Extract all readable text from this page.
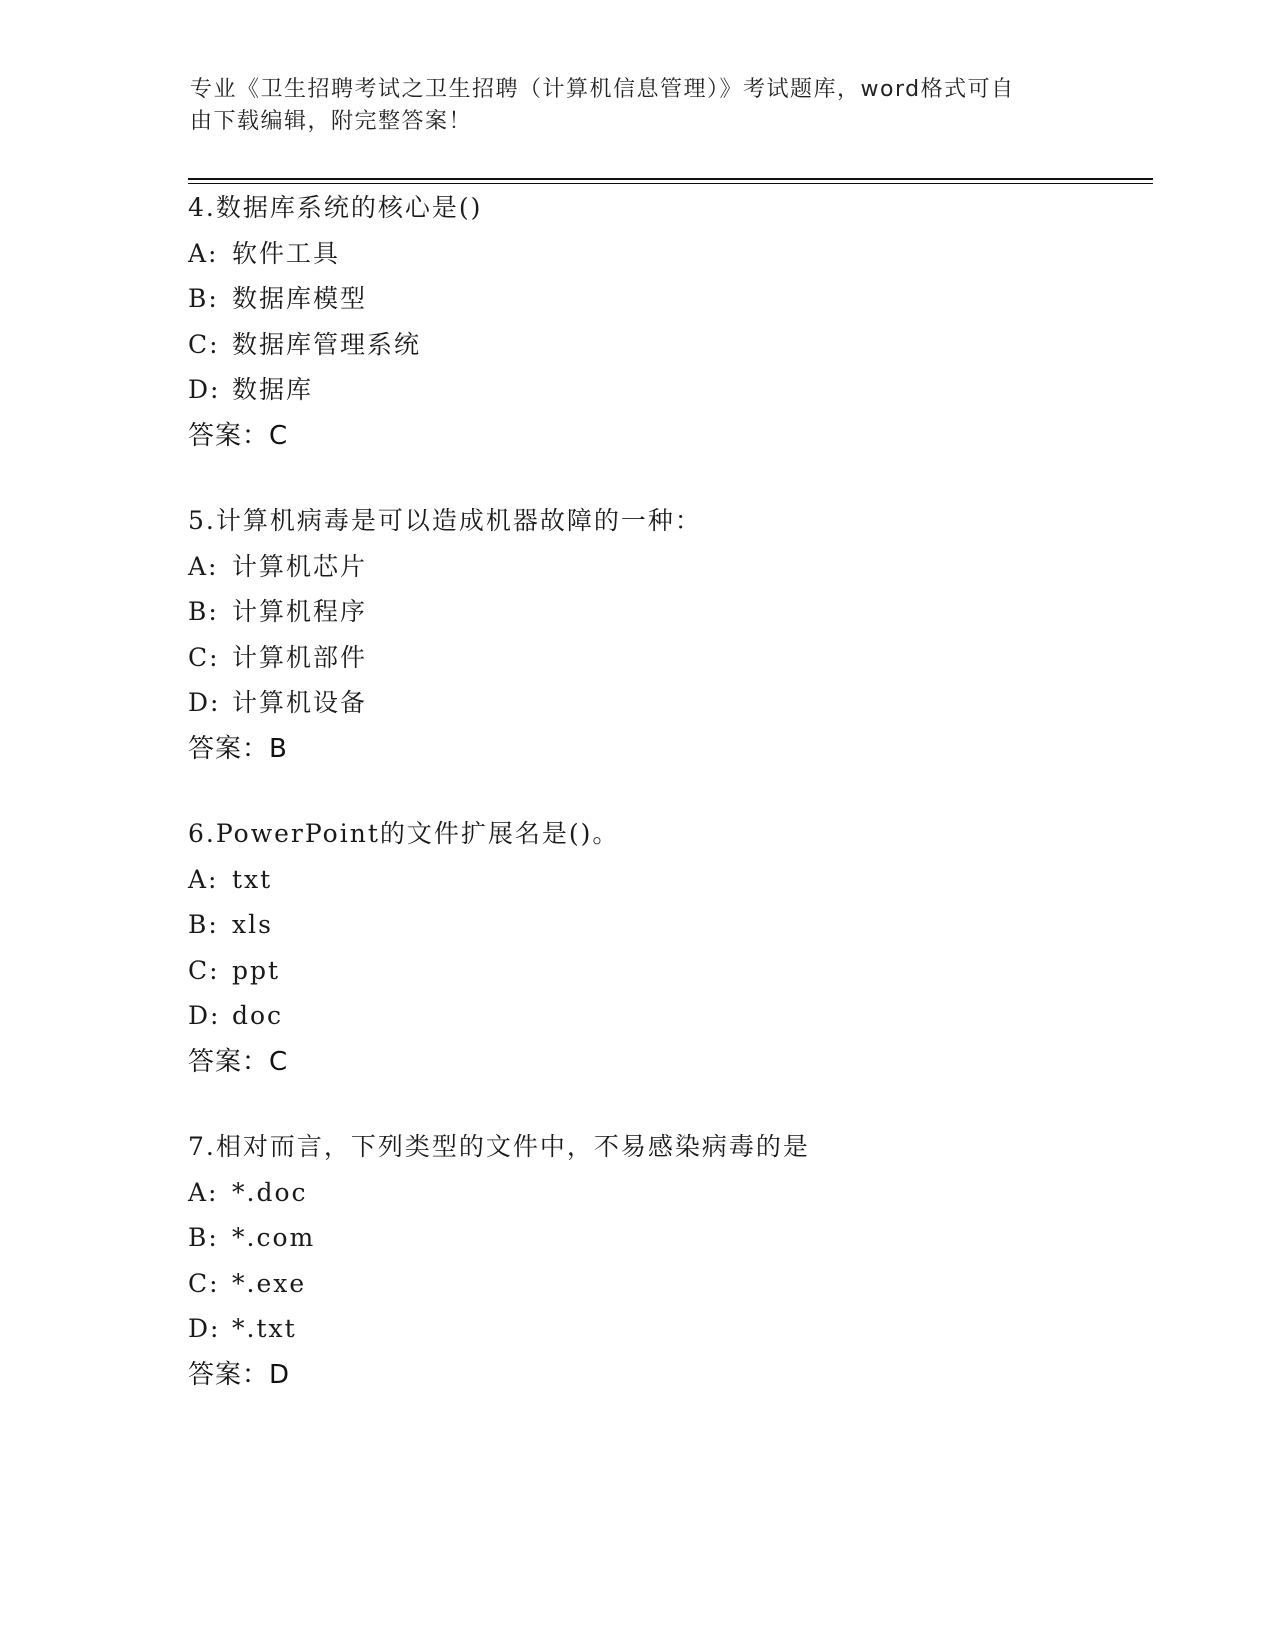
专业《卫生招聘考试之卫生招聘（计算机信息管理）》考试题库，word格式可自

由下载编辑，附完整答案！

4.数据库系统的核心是()
A: 软件工具
B: 数据库模型
C: 数据库管理系统
D: 数据库
答案：C
5.计算机病毒是可以造成机器故障的一种：
A: 计算机芯片
B: 计算机程序
C: 计算机部件
D: 计算机设备
答案：B
6.PowerPoint的文件扩展名是()。
A: txt
B: xls
C: ppt
D: doc
答案：C
7.相对而言，下列类型的文件中，不易感染病毒的是
A: *.doc
B: *.com
C: *.exe
D: *.txt
答案：D
